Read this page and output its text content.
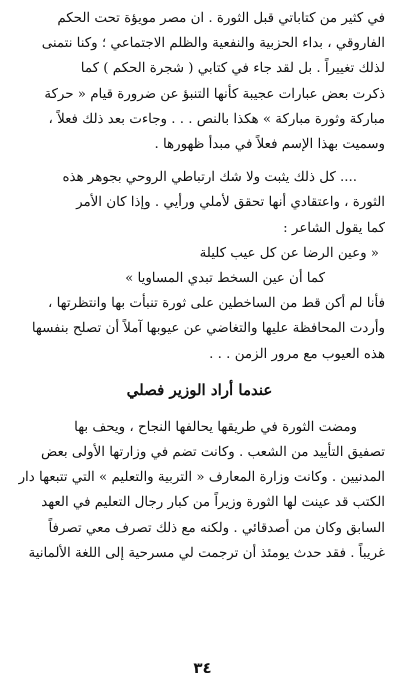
في كثير من كتاباتي قبل الثورة . ان مصر مويؤة تحت الحكم
الفاروقي ، بداء الحزبية والنفعية والظلم الاجتماعي ؛ وكنا نتمنى
لذلك تغييراً . بل لقد جاء في كتابي ( شجرة الحكم ) كما
ذكرت بعض عبارات عجيبة كأنها التنبؤ عن ضرورة قيام « حركة
مباركة وثورة مباركة » هكذا بالنص . . . وجاءت بعد ذلك فعلاً ،
وسميت بهذا الإسم فعلاً في مبدأ ظهورها .
.... كل ذلك يثبت ولا شك ارتباطي الروحي بجوهر هذه
الثورة ، واعتقادي أنها تحقق لأملي ورأيي . وإذا كان الأمر
كما يقول الشاعر :
« وعين الرضا عن كل عيب كليلة
كما أن عين السخط تبدي المساويا »
فأنا لم أكن قط من الساخطين على ثورة تنبأت بها وانتظرتها ،
وأردت المحافظة عليها والتغاضي عن عيوبها آملاً أن تصلح بنفسها
هذه العيوب مع مرور الزمن . . .
عندما أراد الوزير فصلي
ومضت الثورة في طريقها يحالفها النجاح ، ويحف بها
تصفيق التأييد من الشعب . وكانت تضم في وزارتها الأولى بعض
المدنيين . وكانت وزارة المعارف « التربية والتعليم » التي تتبعها دار
الكتب قد عينت لها الثورة وزيراً من كبار رجال التعليم في العهد
السابق وكان من أصدقائي . ولكنه مع ذلك تصرف معي تصرفاً
غريباً . فقد حدث يومئذ أن ترجمت لي مسرحية إلى اللغة الألمانية
٣٤
